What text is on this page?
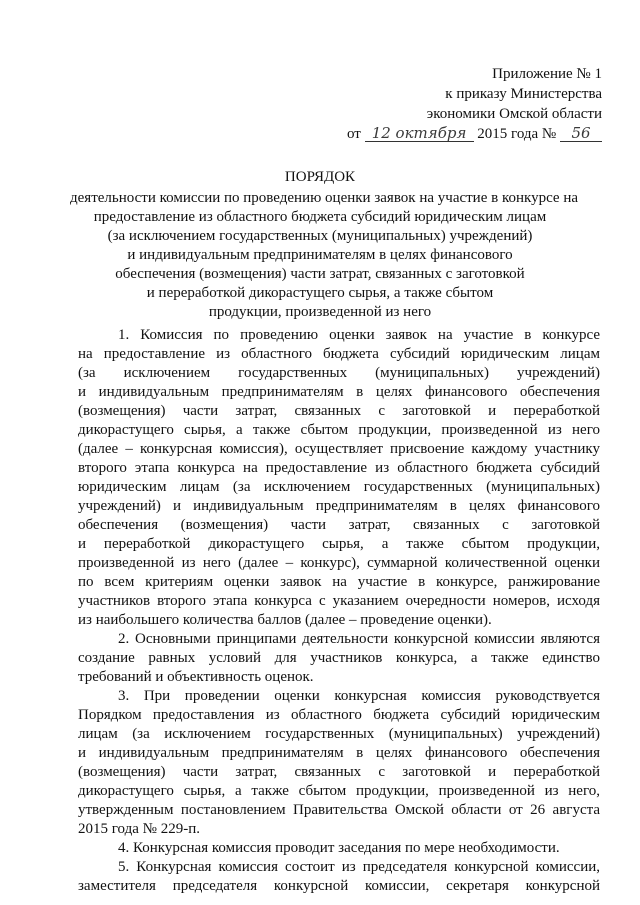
Приложение № 1
к приказу Министерства
экономики Омской области
от 12 октября 2015 года № 56
ПОРЯДОК
деятельности комиссии по проведению оценки заявок на участие в конкурсе на
предоставление из областного бюджета субсидий юридическим лицам
(за исключением государственных (муниципальных) учреждений)
и индивидуальным предпринимателям в целях финансового
обеспечения (возмещения) части затрат, связанных с заготовкой
и переработкой дикорастущего сырья, а также сбытом
продукции, произведенной из него
1. Комиссия по проведению оценки заявок на участие в конкурсе
на предоставление из областного бюджета субсидий юридическим лицам
(за исключением государственных (муниципальных) учреждений)
и индивидуальным предпринимателям в целях финансового обеспечения
(возмещения) части затрат, связанных с заготовкой и переработкой
дикорастущего сырья, а также сбытом продукции, произведенной из него
(далее – конкурсная комиссия), осуществляет присвоение каждому участнику
второго этапа конкурса на предоставление из областного бюджета субсидий
юридическим лицам (за исключением государственных (муниципальных)
учреждений) и индивидуальным предпринимателям в целях финансового
обеспечения (возмещения) части затрат, связанных с заготовкой
и переработкой дикорастущего сырья, а также сбытом продукции,
произведенной из него (далее – конкурс), суммарной количественной оценки
по всем критериям оценки заявок на участие в конкурсе, ранжирование
участников второго этапа конкурса с указанием очередности номеров, исходя
из наибольшего количества баллов (далее – проведение оценки).
2. Основными принципами деятельности конкурсной комиссии являются
создание равных условий для участников конкурса, а также единство
требований и объективность оценок.
3. При проведении оценки конкурсная комиссия руководствуется
Порядком предоставления из областного бюджета субсидий юридическим
лицам (за исключением государственных (муниципальных) учреждений)
и индивидуальным предпринимателям в целях финансового обеспечения
(возмещения) части затрат, связанных с заготовкой и переработкой
дикорастущего сырья, а также сбытом продукции, произведенной из него,
утвержденным постановлением Правительства Омской области от 26 августа
2015 года № 229-п.
4. Конкурсная комиссия проводит заседания по мере необходимости.
5. Конкурсная комиссия состоит из председателя конкурсной комиссии,
заместителя председателя конкурсной комиссии, секретаря конкурсной
